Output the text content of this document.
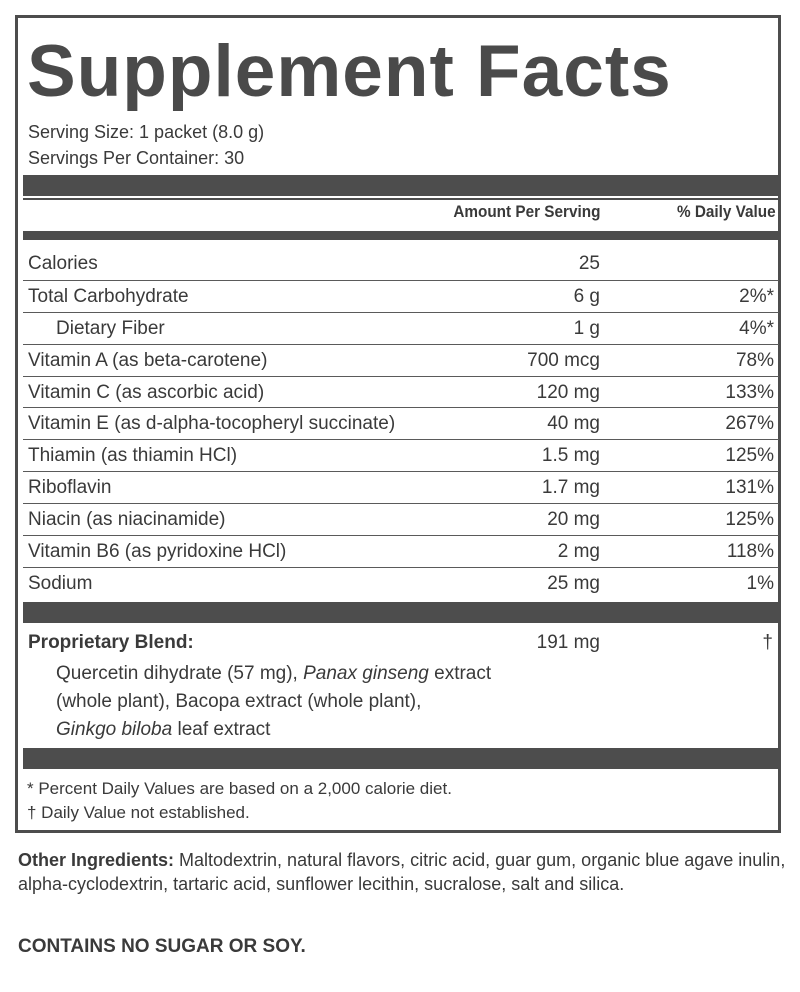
Supplement Facts
Serving Size: 1 packet (8.0 g)
Servings Per Container: 30
Amount Per Serving	% Daily Value
Calories	25
Total Carbohydrate	6 g	2%*
Dietary Fiber	1 g	4%*
Vitamin A (as beta-carotene)	700 mcg	78%
Vitamin C (as ascorbic acid)	120 mg	133%
Vitamin E (as d-alpha-tocopheryl succinate)	40 mg	267%
Thiamin (as thiamin HCl)	1.5 mg	125%
Riboflavin	1.7 mg	131%
Niacin (as niacinamide)	20 mg	125%
Vitamin B6 (as pyridoxine HCl)	2 mg	118%
Sodium	25 mg	1%
Proprietary Blend:	191 mg	†
Quercetin dihydrate (57 mg), Panax ginseng extract
(whole plant), Bacopa extract (whole plant),
Ginkgo biloba leaf extract
* Percent Daily Values are based on a 2,000 calorie diet.
† Daily Value not established.

Other Ingredients: Maltodextrin, natural flavors, citric acid, guar gum, organic blue agave inulin, alpha-cyclodextrin, tartaric acid, sunflower lecithin, sucralose, salt and silica.

CONTAINS NO SUGAR OR SOY.
